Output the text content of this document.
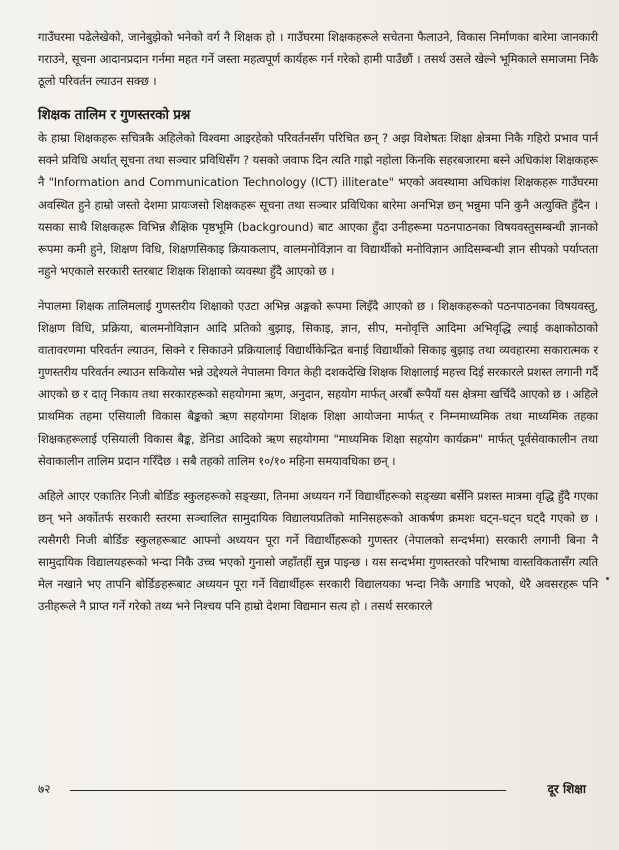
गाउँघरमा पढेलेखेको, जानेबुझेको भनेको वर्ग नै शिक्षक हो । गाउँघरमा शिक्षकहरूले सचेतना फैलाउने, विकास निर्माणका बारेमा जानकारी गराउने, सूचना आदानप्रदान गर्नमा महत गर्ने जस्ता महत्वपूर्ण कार्यहरू गर्न गरेको हामी पाउँछौं । तसर्थ उसले खेल्ने भूमिकाले समाजमा निकै ठूलो परिवर्तन ल्याउन सक्छ ।

शिक्षक तालिम र गुणस्तरको प्रश्न

के हाम्रा शिक्षकहरू सचित्रकै अहिलेको विश्वमा आइरहेको परिवर्तनसँग परिचित छन् ? अझ विशेषतः शिक्षा क्षेत्रमा निकै गहिरो प्रभाव पार्न सक्ने प्रविधि अर्थात् सूचना तथा सञ्चार प्रविधिसँग ? यसको जवाफ दिन त्यति गाह्रो नहोला किनकि सहरबजारमा बस्ने अधिकांश शिक्षकहरू नै "Information and Communication Technology (ICT) illiterate" भएको अवस्थामा अधिकांश शिक्षकहरू गाउँघरमा अवस्थित हुने हाम्रो जस्तो देशमा प्रायःजसो शिक्षकहरू सूचना तथा सञ्चार प्रविधिका बारेमा अनभिज्ञ छन् भन्नुमा पनि कुनै अत्युक्ति हुँदैन । यसका साथै शिक्षकहरू विभिन्न शैक्षिक पृष्ठभूमि (background) बाट आएका हुँदा उनीहरूमा पठनपाठनका विषयवस्तुसम्बन्धी ज्ञानको रूपमा कमी हुने, शिक्षण विधि, शिक्षणसिकाइ क्रियाकलाप, वालमनोविज्ञान वा विद्यार्थीको मनोविज्ञान आदिसम्बन्धी ज्ञान सीपको पर्याप्तता नहुने भएकाले सरकारी स्तरबाट शिक्षक शिक्षाको व्यवस्था हुँदै आएको छ ।

नेपालमा शिक्षक तालिमलाई गुणस्तरीय शिक्षाको एउटा अभिन्न अङ्गको रूपमा लिइँदै आएको छ । शिक्षकहरूको पठनपाठनका विषयवस्तु, शिक्षण विधि, प्रक्रिया, बालमनोविज्ञान आदि प्रतिको बुझाइ, सिकाइ, ज्ञान, सीप, मनोवृत्ति आदिमा अभिवृद्धि ल्याई कक्षाकोठाको वातावरणमा परिवर्तन ल्याउन, सिक्ने र सिकाउने प्रक्रियालाई विद्यार्थीकेन्द्रित बनाई विद्यार्थीको सिकाइ बुझाइ तथा व्यवहारमा सकारात्मक र गुणस्तरीय परिवर्तन ल्याउन सकियोस भन्ने उद्देश्यले नेपालमा विगत केही दशकदेखि शिक्षक शिक्षालाई महत्त्व दिई सरकारले प्रशस्त लगानी गर्दै आएको छ र दातृ निकाय तथा सरकारहरूको सहयोगमा ऋण, अनुदान, सहयोग मार्फत् अरबौं रूपैयाँ यस क्षेत्रमा खर्चिदै आएको छ । अहिले प्राथमिक तहमा एसियाली विकास बैङ्कको ऋण सहयोगमा शिक्षक शिक्षा आयोजना मार्फत् र निम्नमाध्यमिक तथा माध्यमिक तहका शिक्षकहरूलाई एसियाली विकास बैङ्क, डेनिडा आदिको ऋण सहयोगमा "माध्यमिक शिक्षा सहयोग कार्यक्रम" मार्फत् पूर्वसेवाकालीन तथा सेवाकालीन तालिम प्रदान गरिँदैछ । सबै तहको तालिम १०/१० महिना समयावधिका छन् ।

अहिले आएर एकातिर निजी बोर्डिङ स्कुलहरूको सङ्ख्या, तिनमा अध्ययन गर्ने विद्यार्थीहरूको सङ्ख्या बर्सेनि प्रशस्त मात्रमा वृद्धि हुँदै गएका छन् भने अर्कोतर्फ सरकारी स्तरमा सञ्चालित सामुदायिक विद्यालयप्रतिको मानिसहरूको आकर्षण क्रमशः घट्न-घट्न घट्दै गएको छ । त्यसैगरी निजी बोर्डिङ स्कुलहरूबाट आफ्नो अध्ययन पूरा गर्ने विद्यार्थीहरूको गुणस्तर (नेपालको सन्दर्भमा) सरकारी लगानी बिना नै सामुदायिक विद्यालयहरूको भन्दा निकै उच्च भएको गुनासो जहाँतहीं सुन्न पाइन्छ । यस सन्दर्भमा गुणस्तरको परिभाषा वास्तविकतासँग त्यति मेल नखाने भए तापनि बोर्डिङहरूबाट अध्ययन पूरा गर्ने विद्यार्थीहरू सरकारी विद्यालयका भन्दा निकै अगाडि भएको, धेरै अवसरहरू पनि उनीहरूले नै प्राप्त गर्ने गरेको तथ्य भने निश्चय पनि हाम्रो देशमा विद्यमान सत्य हो । तसर्थ सरकारले

७२	दूर शिक्षा
